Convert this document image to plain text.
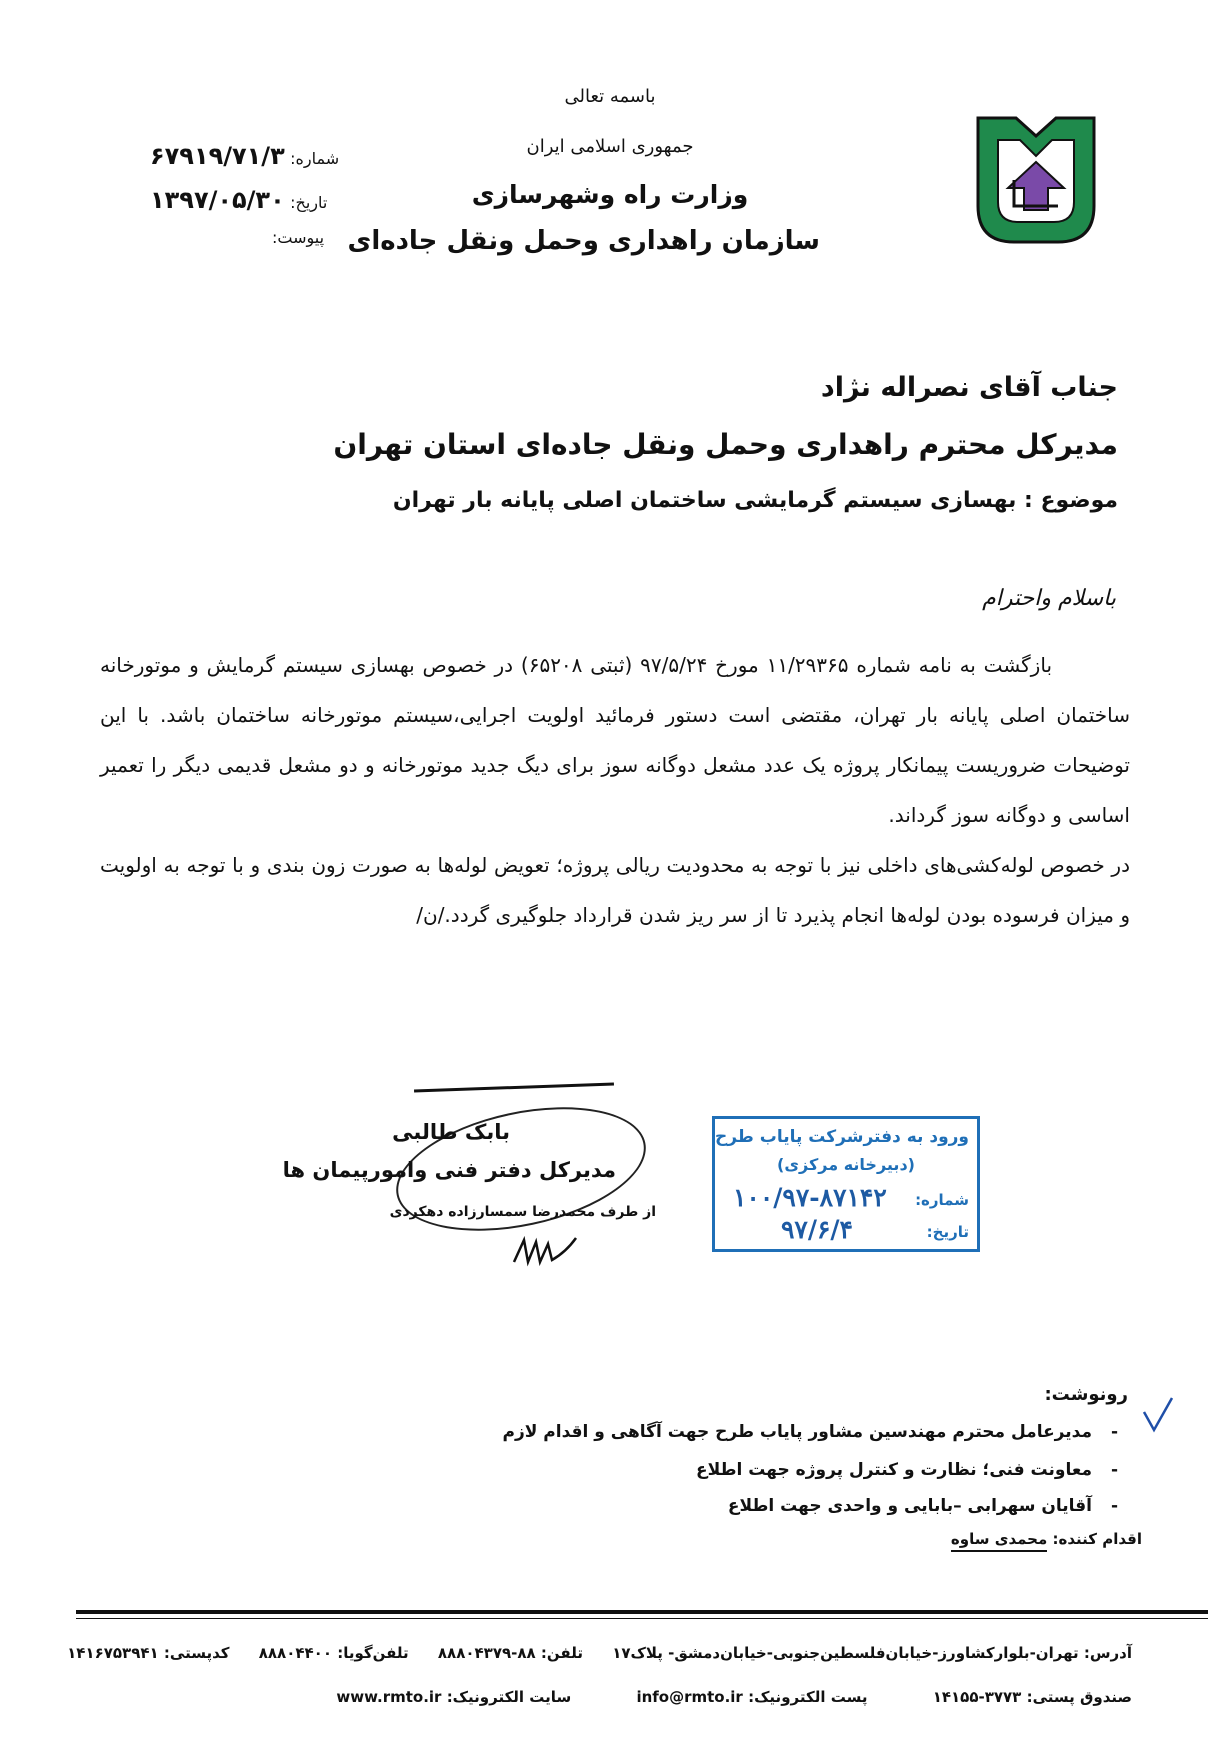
باسمه تعالی
جمهوری اسلامی ایران
وزارت راه وشهرسازی
سازمان راهداری وحمل ونقل جاده‌ای
شماره: ۶۷۹۱۹/۷۱/۳
تاریخ: ۱۳۹۷/۰۵/۳۰
پیوست:
جناب آقای نصراله نژاد
مدیرکل محترم راهداری وحمل ونقل جاده‌ای استان تهران
موضوع : بهسازی سیستم گرمایشی ساختمان اصلی پایانه بار تهران
باسلام واحترام

بازگشت به نامه شماره ۱۱/۲۹۳۶۵ مورخ ۹۷/۵/۲۴ (ثبتی ۶۵۲۰۸) در خصوص بهسازی سیستم گرمایش و موتورخانه ساختمان اصلی پایانه بار تهران، مقتضی است دستور فرمائید اولویت اجرایی،سیستم موتورخانه ساختمان باشد. با این توضیحات ضروریست پیمانکار پروژه یک عدد مشعل دوگانه سوز برای دیگ جدید موتورخانه و دو مشعل قدیمی دیگر را تعمیر اساسی و دوگانه سوز گرداند.

در خصوص لوله‌کشی‌های داخلی نیز با توجه به محدودیت ریالی پروژه؛ تعویض لوله‌ها به صورت زون بندی و با توجه به اولویت و میزان فرسوده بودن لوله‌ها انجام پذیرد تا از سر ریز شدن قرارداد جلوگیری گردد./ن/

بابک طالبی
مدیرکل دفتر فنی وامورپیمان ها
از طرف محمدرضا سمسارزاده دهکردی
ورود به دفترشرکت پایاب طرح
(دبیرخانه مرکزی)
شماره:
۱۰۰/۹۷-۸۷۱۴۲
تاریخ:
۹۷/۶/۴
رونوشت:
-مدیرعامل محترم مهندسین مشاور پایاب طرح جهت آگاهی و اقدام لازم
-معاونت فنی؛ نظارت و کنترل پروژه جهت اطلاع
-آقایان سهرابی –بابایی و واحدی جهت اطلاع
اقدام کننده: محمدی ساوه
آدرس: تهران-بلوارکشاورز-خیابان‌فلسطین‌جنوبی-خیابان‌دمشق- پلاک۱۷ تلفن: ۸۸-۸۸۸۰۴۳۷۹ تلفن‌گویا: ۸۸۸۰۴۴۰۰ کدپستی: ۱۴۱۶۷۵۳۹۴۱
صندوق پستی: ۳۷۷۳-۱۴۱۵۵ پست الکترونیک: info@rmto.ir سایت الکترونیک: www.rmto.ir
